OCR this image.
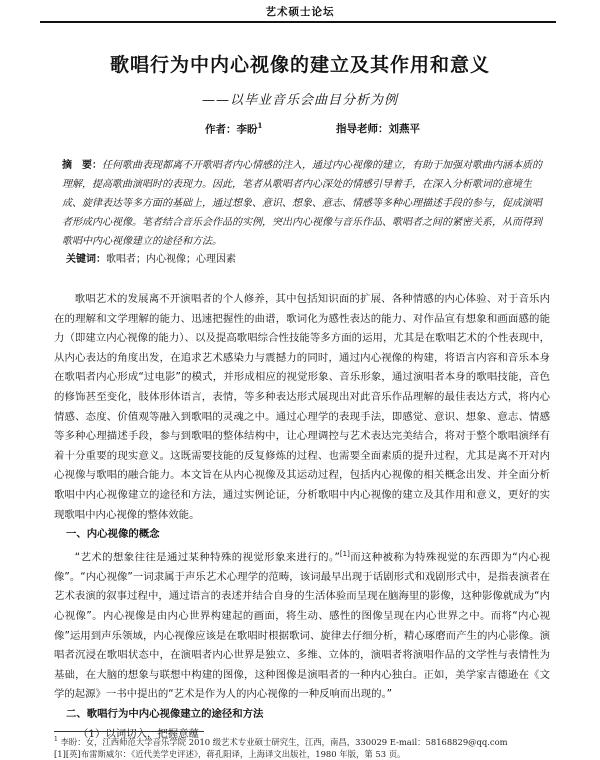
艺术硕士论坛
歌唱行为中内心视像的建立及其作用和意义
——以毕业音乐会曲目分析为例
作者：李盼$^1$	指导老师：刘燕平
摘　要：任何歌曲表现都离不开歌唱者内心情感的注入，通过内心视像的建立，有助于加强对歌曲内涵本质的理解，提高歌曲演唱时的表现力。因此，笔者从歌唱者内心深处的情感引导着手，在深入分析歌词的意境生成、旋律表达等多方面的基础上，通过想象、意识、想象、意志、情感等多种心理描述手段的参与，促成演唱者形成内心视像。笔者结合音乐会作品的实例，突出内心视像与音乐作品、歌唱者之间的紧密关系，从而得到歌唱中内心视像建立的途径和方法。
关键词：歌唱者；内心视像；心理因素

歌唱艺术的发展离不开演唱者的个人修养，其中包括知识面的扩展、各种情感的内心体验、对于音乐内在的理解和文学理解的能力、迅速把握性的曲谱，歌词化为感性表达的能力、对作品宣有想象和画面感的能力（即建立内心视像的能力）、以及提高歌唱综合性技能等多方面的运用，尤其是在歌唱艺术的个性表现中，从内心表达的角度出发，在追求艺术感染力与震撼力的同时，通过内心视像的构建，将语言内容和音乐本身在歌唱者内心形成“过电影”的模式，并形成相应的视觉形象、音乐形象，通过演唱者本身的歌唱技能，音色的修饰甚至变化，肢体形体语言，表情，等多种表达形式展现出对此音乐作品理解的最佳表达方式，将内心情感、态度、价值观等融入到歌唱的灵魂之中。通过心理学的表现手法，即感觉、意识、想象、意志、情感等多种心理描述手段，参与到歌唱的整体结构中，让心理调控与艺术表达完美结合，将对于整个歌唱演绎有着十分重要的现实意义。这既需要技能的反复修炼的过程、也需要全面素质的提升过程，尤其是离不开对内心视像与歌唱的融合能力。本文旨在从内心视像及其运动过程，包括内心视像的相关概念出发、并全面分析歌唱中内心视像建立的途径和方法，通过实例论证，分析歌唱中内心视像的建立及其作用和意义，更好的实现歌唱中内心视像的整体效能。

一、内心视像的概念

“艺术的想象往往是通过某种特殊的视觉形象来进行的。”[1]而这种被称为特殊视觉的东西即为“内心视像”。“内心视像”一词隶属于声乐艺术心理学的范畴，该词最早出现于话剧形式和戏剧形式中，是指表演者在艺术表演的叙事过程中，通过语言的表述并结合自身的生活体验而呈现在脑海里的影像，这种影像就成为“内心视像”。内心视像是由内心世界构建起的画面，将生动、感性的图像呈现在内心世界之中。而将“内心视像”运用到声乐领域，内心视像应该是在歌唱时根据歌词、旋律去仔细分析，精心琢磨而产生的内心影像。演唱者沉浸在歌唱状态中，在演唱者内心世界是独立、多维、立体的，演唱者将演唱作品的文学性与表情性为基础，在大脑的想象与联想中构建的图像，这种图像是演唱者的一种内心独白。正如，美学家吉德逊在《文学的起源》一书中提出的“艺术是作为人的内心视像的一种反响而出现的。”

二、歌唱行为中内心视像建立的途径和方法
（1）以词切入，把握意蕴
$^1$ 李盼：女，江西师范大学音乐学院 2010 级艺术专业硕士研究生，江西，南昌，330029 E-mail：58168829@qq.com
[1][英]布雷斯威尔：《近代美学史评述》，蒋孔阳译，上海译文出版社，1980 年版，第 53 页。
